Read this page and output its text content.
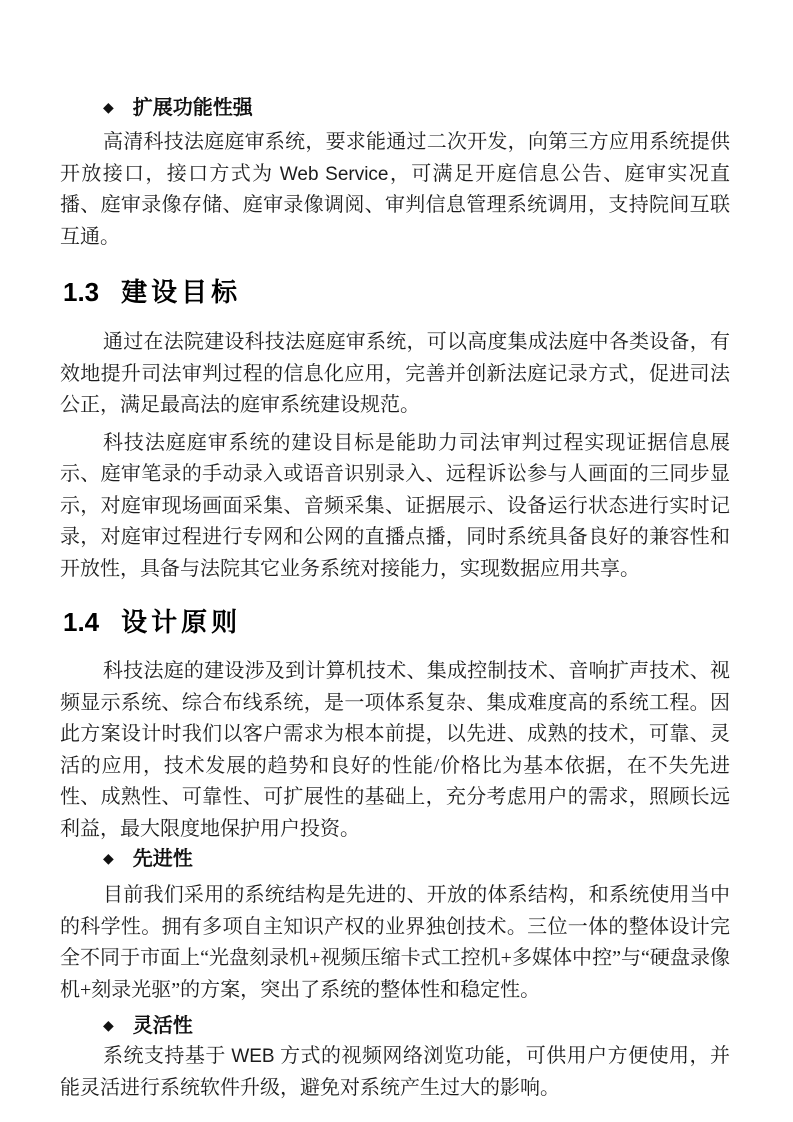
◆ 扩展功能性强

高清科技法庭庭审系统，要求能通过二次开发，向第三方应用系统提供开放接口，接口方式为 Web Service，可满足开庭信息公告、庭审实况直播、庭审录像存储、庭审录像调阅、审判信息管理系统调用，支持院间互联互通。

1.3 建设目标

通过在法院建设科技法庭庭审系统，可以高度集成法庭中各类设备，有效地提升司法审判过程的信息化应用，完善并创新法庭记录方式，促进司法公正，满足最高法的庭审系统建设规范。

科技法庭庭审系统的建设目标是能助力司法审判过程实现证据信息展示、庭审笔录的手动录入或语音识别录入、远程诉讼参与人画面的三同步显示，对庭审现场画面采集、音频采集、证据展示、设备运行状态进行实时记录，对庭审过程进行专网和公网的直播点播，同时系统具备良好的兼容性和开放性，具备与法院其它业务系统对接能力，实现数据应用共享。

1.4 设计原则

科技法庭的建设涉及到计算机技术、集成控制技术、音响扩声技术、视频显示系统、综合布线系统，是一项体系复杂、集成难度高的系统工程。因此方案设计时我们以客户需求为根本前提，以先进、成熟的技术，可靠、灵活的应用，技术发展的趋势和良好的性能/价格比为基本依据，在不失先进性、成熟性、可靠性、可扩展性的基础上，充分考虑用户的需求，照顾长远利益，最大限度地保护用户投资。

◆ 先进性

目前我们采用的系统结构是先进的、开放的体系结构，和系统使用当中的科学性。拥有多项自主知识产权的业界独创技术。三位一体的整体设计完全不同于市面上“光盘刻录机+视频压缩卡式工控机+多媒体中控”与“硬盘录像机+刻录光驱”的方案，突出了系统的整体性和稳定性。

◆ 灵活性

系统支持基于 WEB 方式的视频网络浏览功能，可供用户方便使用，并能灵活进行系统软件升级，避免对系统产生过大的影响。
